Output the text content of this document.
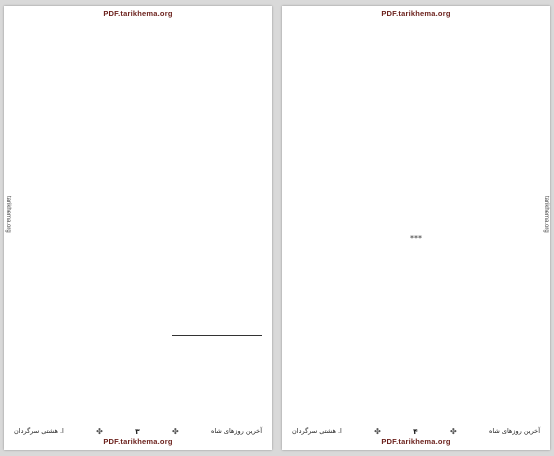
PDF.tarikhema.org
tarikhema.org
آخرین روزهای شاه
✤
۳
✤
ا. هشتی سرگردان
PDF.tarikhema.org
PDF.tarikhema.org
tarikhema.org
***
آخرین روزهای شاه
✤
۴
✤
ا. هشتی سرگردان
PDF.tarikhema.org
